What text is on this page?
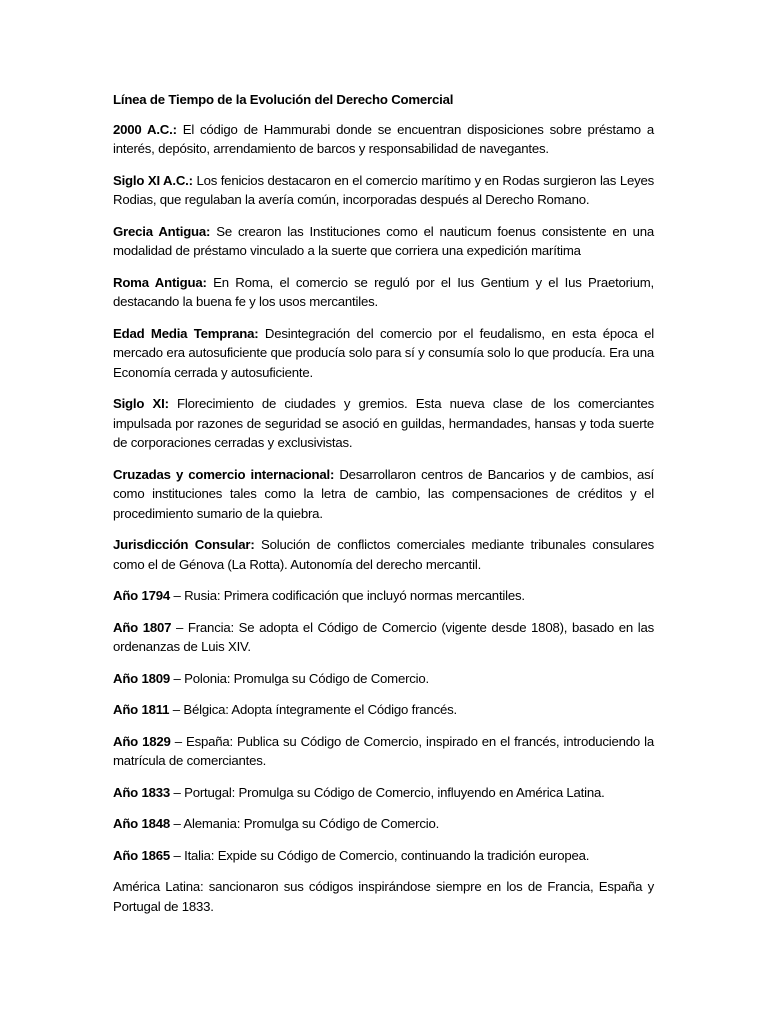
Línea de Tiempo de la Evolución del Derecho Comercial

2000 A.C.: El código de Hammurabi donde se encuentran disposiciones sobre préstamo a interés, depósito, arrendamiento de barcos y responsabilidad de navegantes.

Siglo XI A.C.: Los fenicios destacaron en el comercio marítimo y en Rodas surgieron las Leyes Rodias, que regulaban la avería común, incorporadas después al Derecho Romano.

Grecia Antigua: Se crearon las Instituciones como el nauticum foenus consistente en una modalidad de préstamo vinculado a la suerte que corriera una expedición marítima

Roma Antigua: En Roma, el comercio se reguló por el Ius Gentium y el Ius Praetorium, destacando la buena fe y los usos mercantiles.

Edad Media Temprana: Desintegración del comercio por el feudalismo, en esta época el mercado era autosuficiente que producía solo para sí y consumía solo lo que producía. Era una Economía cerrada y autosuficiente.

Siglo XI: Florecimiento de ciudades y gremios. Esta nueva clase de los comerciantes impulsada por razones de seguridad se asoció en guildas, hermandades, hansas y toda suerte de corporaciones cerradas y exclusivistas.

Cruzadas y comercio internacional: Desarrollaron centros de Bancarios y de cambios, así como instituciones tales como la letra de cambio, las compensaciones de créditos y el procedimiento sumario de la quiebra.

Jurisdicción Consular: Solución de conflictos comerciales mediante tribunales consulares como el de Génova (La Rotta). Autonomía del derecho mercantil.

Año 1794 – Rusia: Primera codificación que incluyó normas mercantiles.

Año 1807 – Francia: Se adopta el Código de Comercio (vigente desde 1808), basado en las ordenanzas de Luis XIV.

Año 1809 – Polonia: Promulga su Código de Comercio.

Año 1811 – Bélgica: Adopta íntegramente el Código francés.

Año 1829 – España: Publica su Código de Comercio, inspirado en el francés, introduciendo la matrícula de comerciantes.

Año 1833 – Portugal: Promulga su Código de Comercio, influyendo en América Latina.

Año 1848 – Alemania: Promulga su Código de Comercio.

Año 1865 – Italia: Expide su Código de Comercio, continuando la tradición europea.

América Latina: sancionaron sus códigos inspirándose siempre en los de Francia, España y Portugal de 1833.
